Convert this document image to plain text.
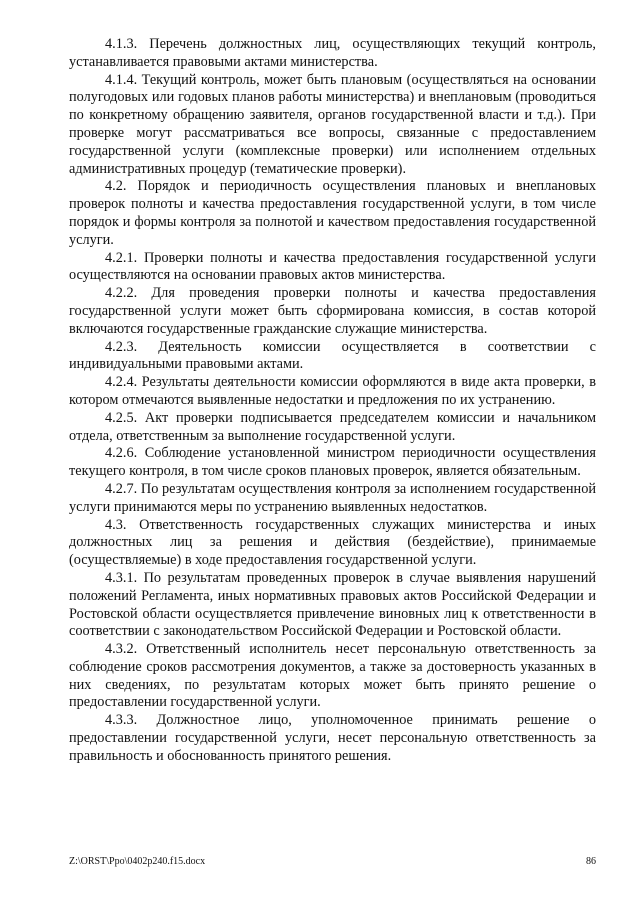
4.1.3. Перечень должностных лиц, осуществляющих текущий контроль, устанавливается правовыми актами министерства.

4.1.4. Текущий контроль, может быть плановым (осуществляться на основании полугодовых или годовых планов работы министерства) и внеплановым (проводиться по конкретному обращению заявителя, органов государственной власти и т.д.). При проверке могут рассматриваться все вопросы, связанные с предоставлением государственной услуги (комплексные проверки) или исполнением отдельных административных процедур (тематические проверки).

4.2. Порядок и периодичность осуществления плановых и внеплановых проверок полноты и качества предоставления государственной услуги, в том числе порядок и формы контроля за полнотой и качеством предоставления государственной услуги.

4.2.1. Проверки полноты и качества предоставления государственной услуги осуществляются на основании правовых актов министерства.

4.2.2. Для проведения проверки полноты и качества предоставления государственной услуги может быть сформирована комиссия, в состав которой включаются государственные гражданские служащие министерства.

4.2.3. Деятельность комиссии осуществляется в соответствии с индивидуальными правовыми актами.

4.2.4. Результаты деятельности комиссии оформляются в виде акта проверки, в котором отмечаются выявленные недостатки и предложения по их устранению.

4.2.5. Акт проверки подписывается председателем комиссии и начальником отдела, ответственным за выполнение государственной услуги.

4.2.6. Соблюдение установленной министром периодичности осуществления текущего контроля, в том числе сроков плановых проверок, является обязательным.

4.2.7. По результатам осуществления контроля за исполнением государственной услуги принимаются меры по устранению выявленных недостатков.

4.3. Ответственность государственных служащих министерства и иных должностных лиц за решения и действия (бездействие), принимаемые (осуществляемые) в ходе предоставления государственной услуги.

4.3.1. По результатам проведенных проверок в случае выявления нарушений положений Регламента, иных нормативных правовых актов Российской Федерации и Ростовской области осуществляется привлечение виновных лиц к ответственности в соответствии с законодательством Российской Федерации и Ростовской области.

4.3.2. Ответственный исполнитель несет персональную ответственность за соблюдение сроков рассмотрения документов, а также за достоверность указанных в них сведениях, по результатам которых может быть принято решение о предоставлении государственной услуги.

4.3.3. Должностное лицо, уполномоченное принимать решение о предоставлении государственной услуги, несет персональную ответственность за правильность и обоснованность принятого решения.

Z:\ORST\Ppo\0402p240.f15.docx	86
